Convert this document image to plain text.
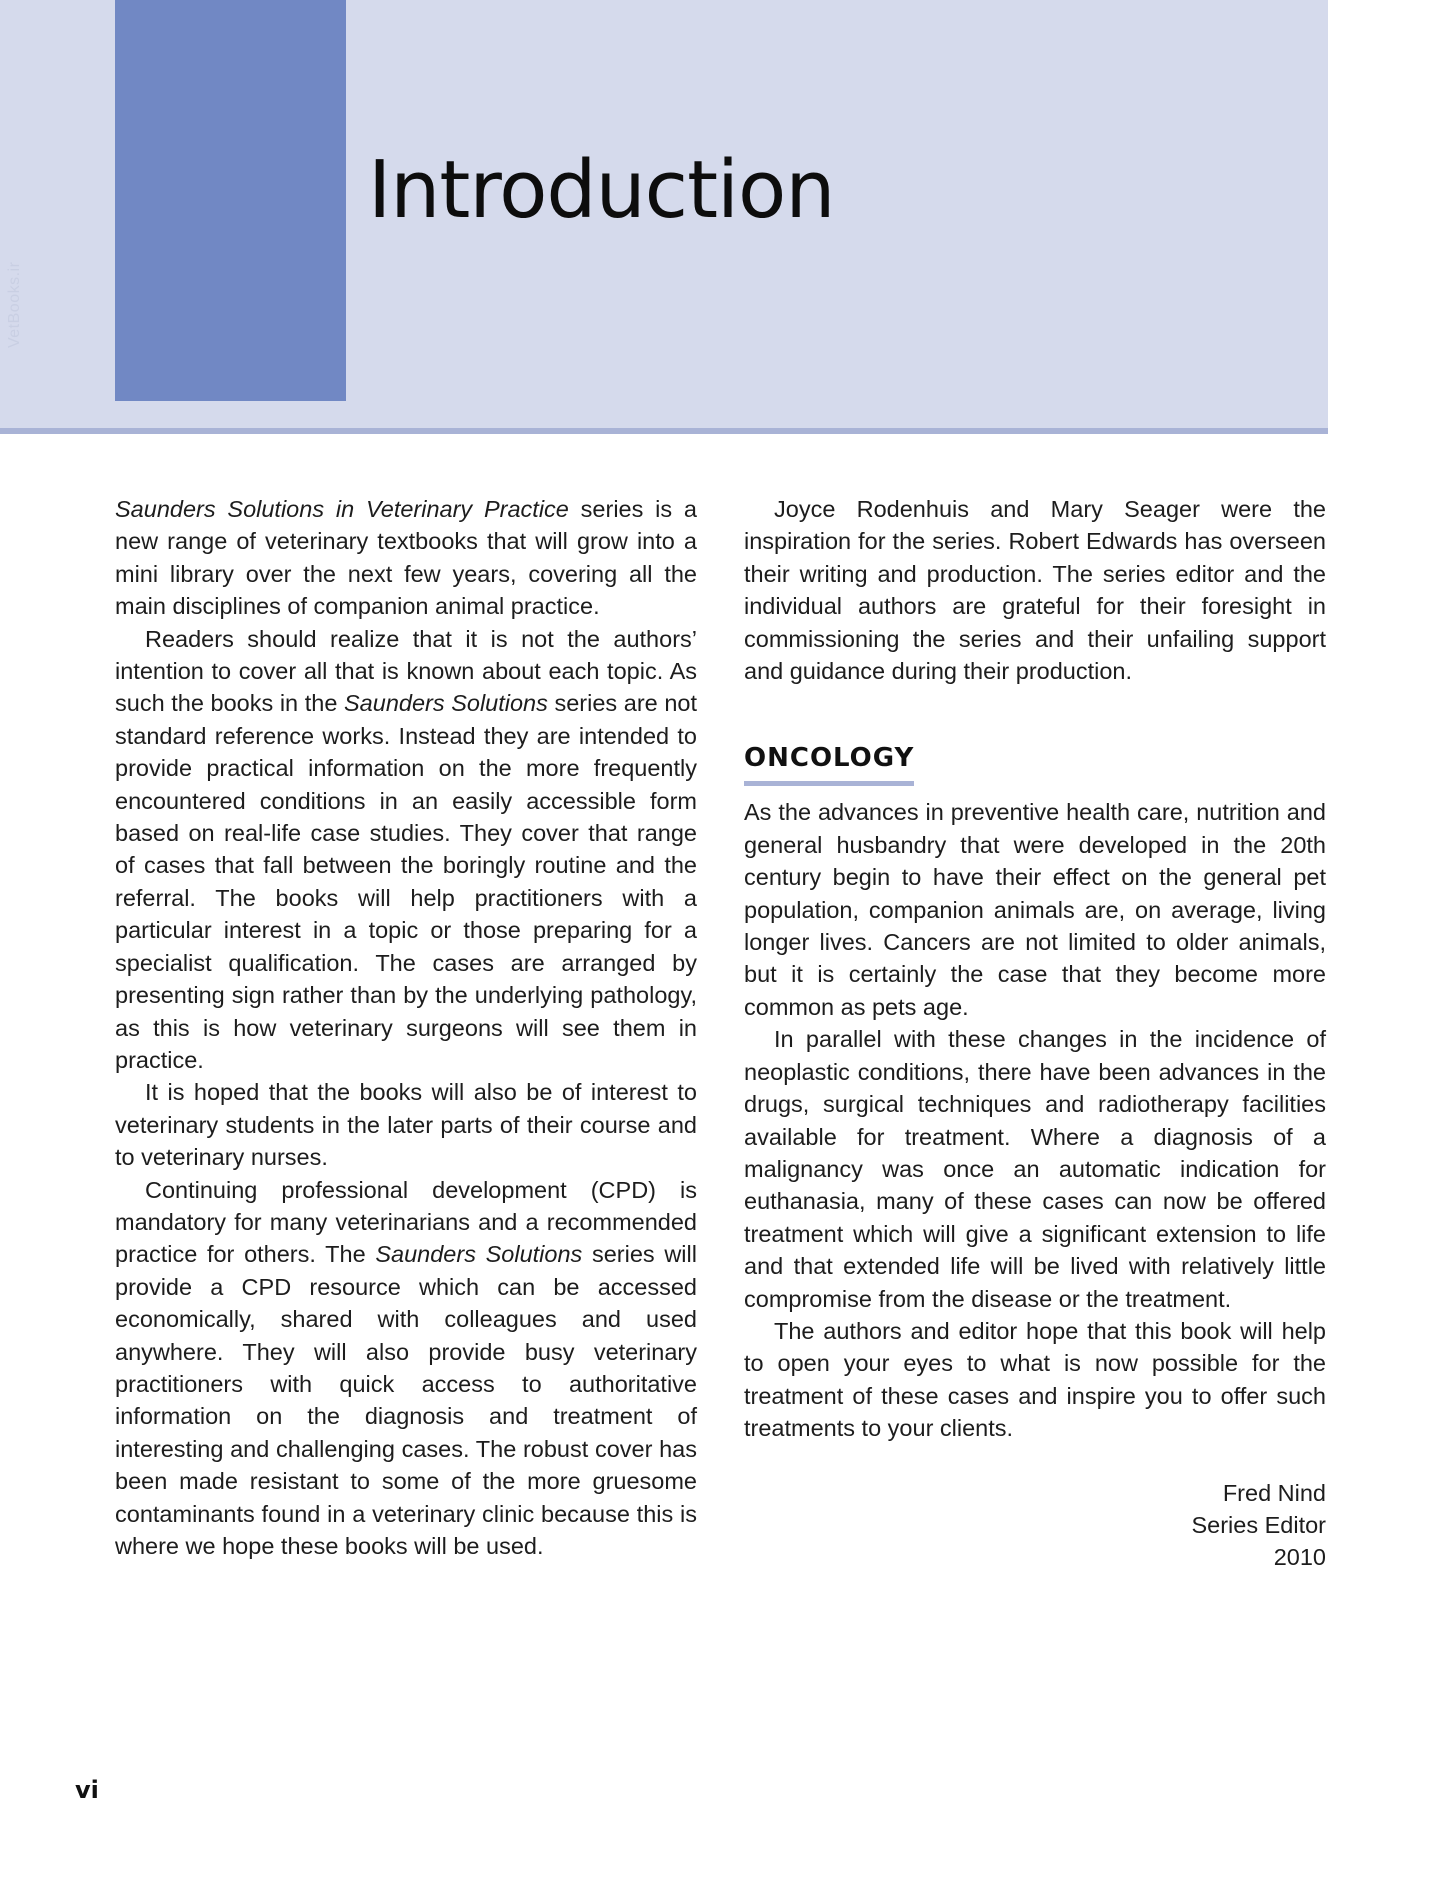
VetBooks.ir
Introduction

Saunders Solutions in Veterinary Practice series is a new range of veterinary textbooks that will grow into a mini library over the next few years, covering all the main disciplines of companion animal practice.

Readers should realize that it is not the authors’ intention to cover all that is known about each topic. As such the books in the Saunders Solutions series are not standard reference works. Instead they are intended to provide practical information on the more frequently encountered conditions in an easily accessible form based on real-life case studies. They cover that range of cases that fall between the boringly routine and the referral. The books will help practitioners with a particular interest in a topic or those preparing for a specialist qualification. The cases are arranged by presenting sign rather than by the underlying pathology, as this is how veterinary surgeons will see them in practice.

It is hoped that the books will also be of interest to veterinary students in the later parts of their course and to veterinary nurses.

Continuing professional development (CPD) is mandatory for many veterinarians and a recommended practice for others. The Saunders Solutions series will provide a CPD resource which can be accessed economically, shared with colleagues and used anywhere. They will also provide busy veterinary practitioners with quick access to authoritative information on the diagnosis and treatment of interesting and challenging cases. The robust cover has been made resistant to some of the more gruesome contaminants found in a veterinary clinic because this is where we hope these books will be used.

Joyce Rodenhuis and Mary Seager were the inspiration for the series. Robert Edwards has overseen their writing and production. The series editor and the individual authors are grateful for their foresight in commissioning the series and their unfailing support and guidance during their production.

ONCOLOGY

As the advances in preventive health care, nutrition and general husbandry that were developed in the 20th century begin to have their effect on the general pet population, companion animals are, on average, living longer lives. Cancers are not limited to older animals, but it is certainly the case that they become more common as pets age.

In parallel with these changes in the incidence of neoplastic conditions, there have been advances in the drugs, surgical techniques and radiotherapy facilities available for treatment. Where a diagnosis of a malignancy was once an automatic indication for euthanasia, many of these cases can now be offered treatment which will give a significant extension to life and that extended life will be lived with relatively little compromise from the disease or the treatment.

The authors and editor hope that this book will help to open your eyes to what is now possible for the treatment of these cases and inspire you to offer such treatments to your clients.

Fred Nind
Series Editor
2010
vi
